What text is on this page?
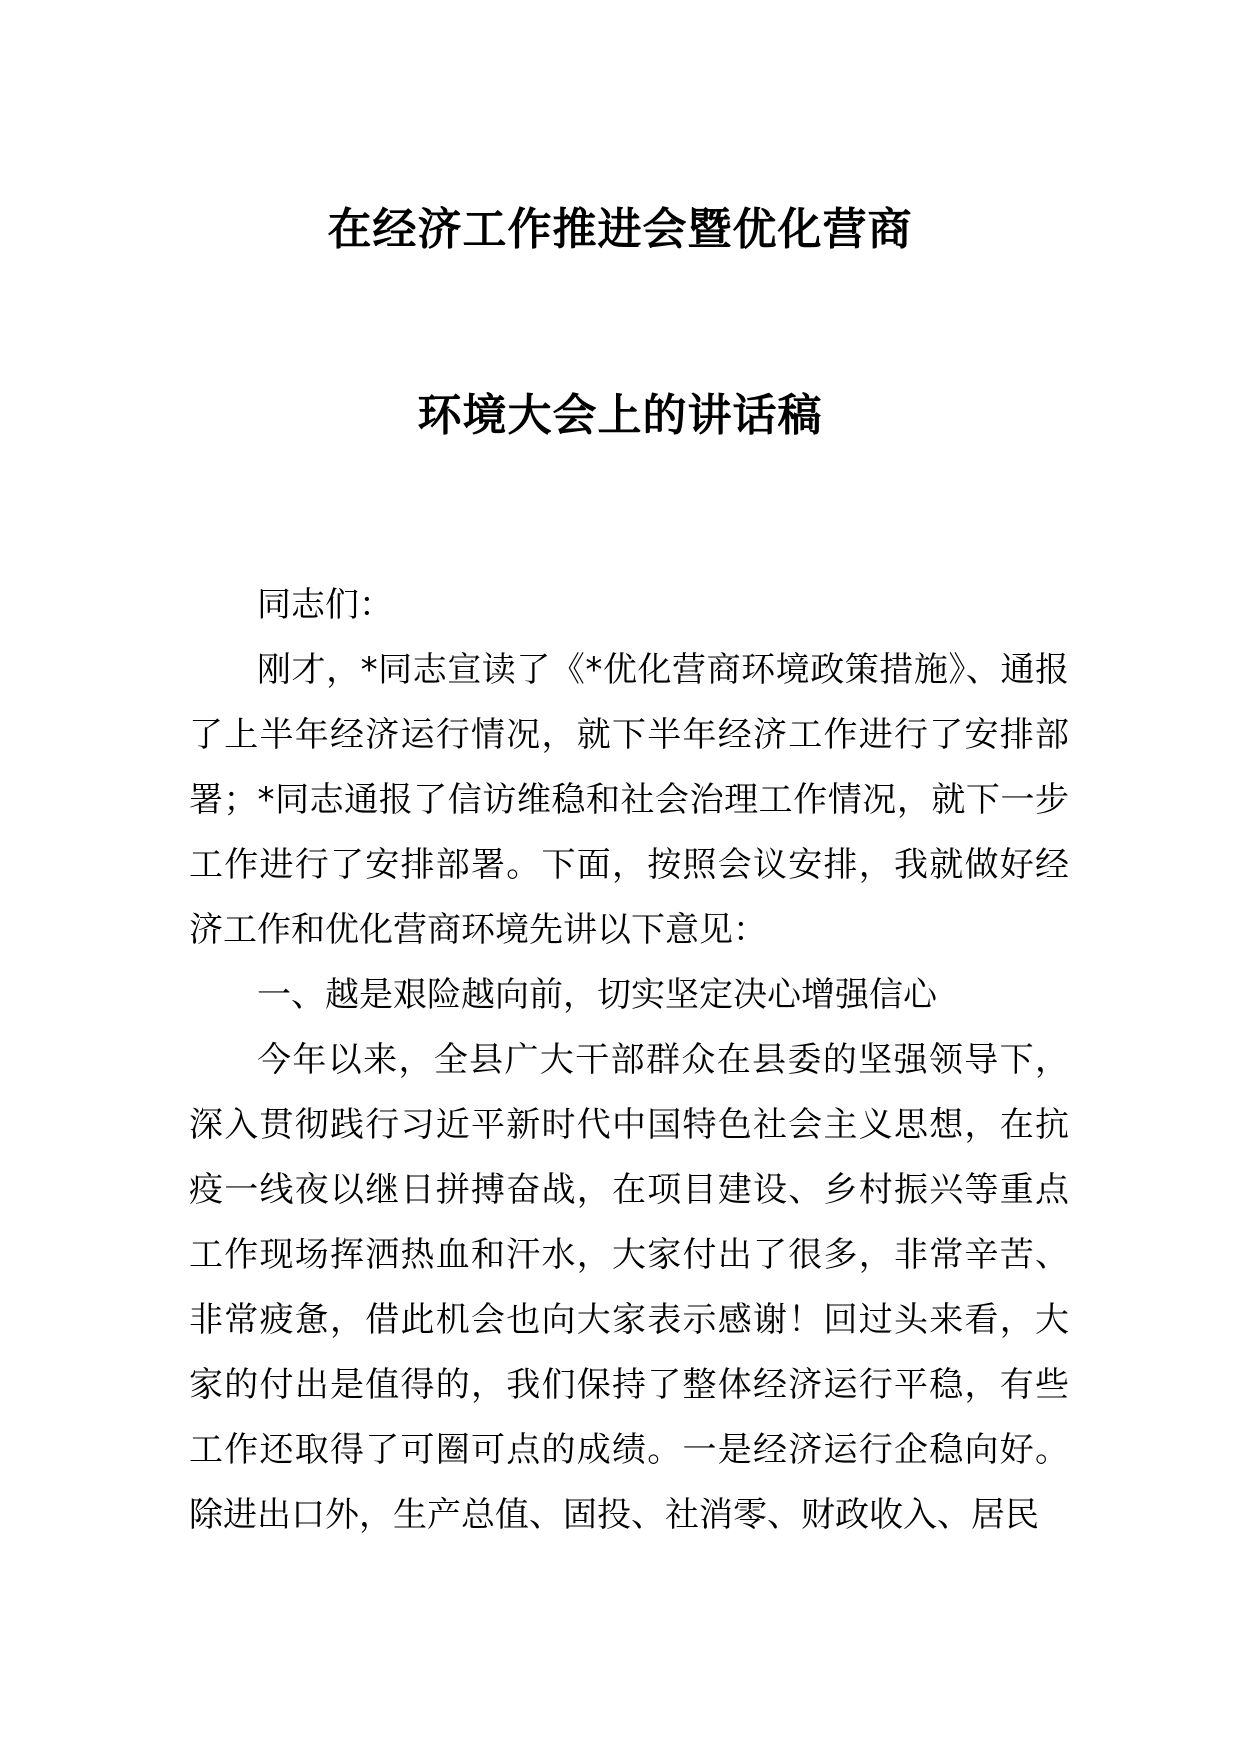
在经济工作推进会暨优化营商
环境大会上的讲话稿

同志们：

刚才，*同志宣读了《*优化营商环境政策措施》、通报了上半年经济运行情况，就下半年经济工作进行了安排部署；*同志通报了信访维稳和社会治理工作情况，就下一步工作进行了安排部署。下面，按照会议安排，我就做好经济工作和优化营商环境先讲以下意见：

一、越是艰险越向前，切实坚定决心增强信心

今年以来，全县广大干部群众在县委的坚强领导下，深入贯彻践行习近平新时代中国特色社会主义思想，在抗疫一线夜以继日拼搏奋战，在项目建设、乡村振兴等重点工作现场挥洒热血和汗水，大家付出了很多，非常辛苦、非常疲惫，借此机会也向大家表示感谢！回过头来看，大家的付出是值得的，我们保持了整体经济运行平稳，有些工作还取得了可圈可点的成绩。一是经济运行企稳向好。除进出口外，生产总值、固投、社消零、财政收入、居民
